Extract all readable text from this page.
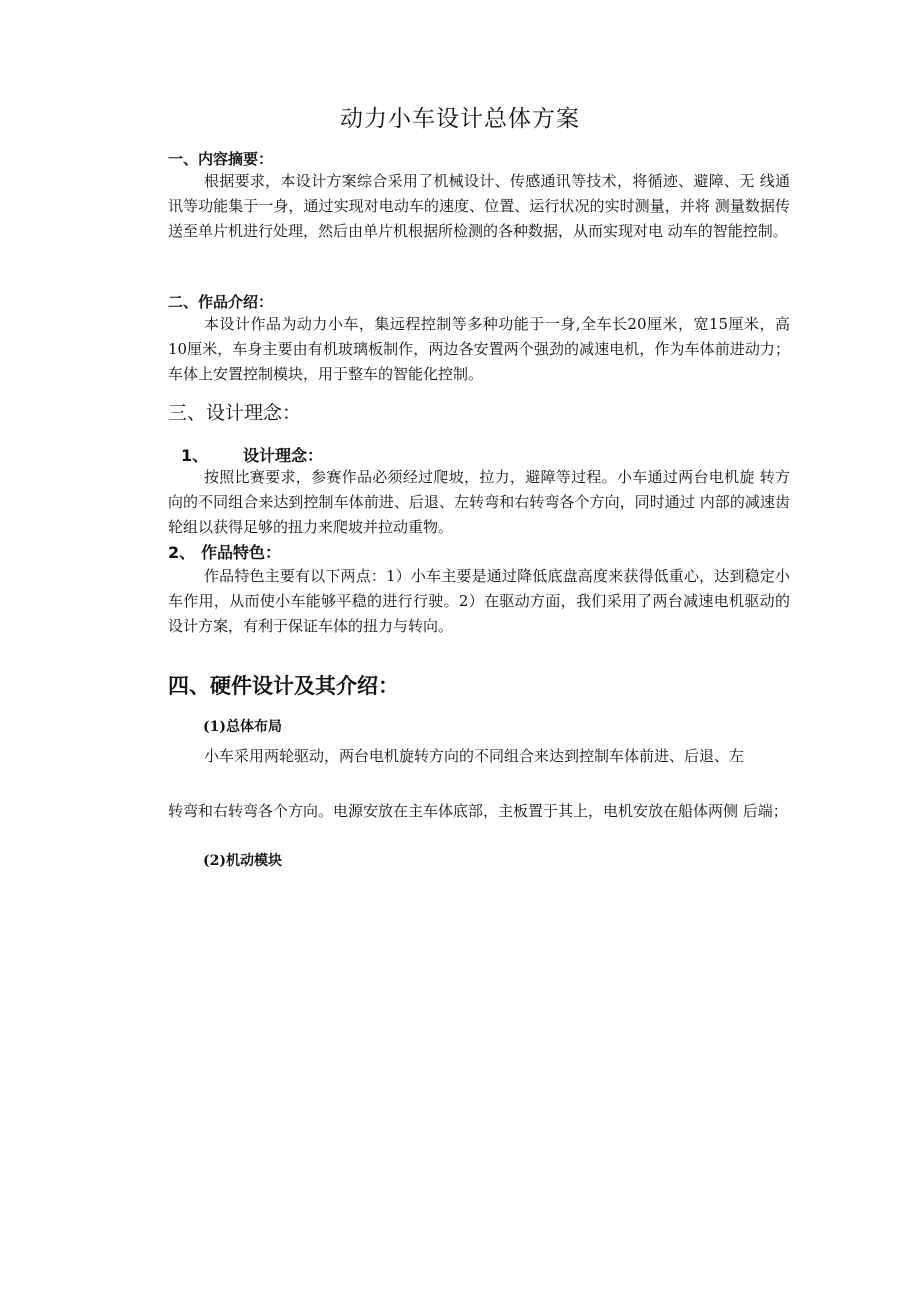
动力小车设计总体方案
一、内容摘要：
根据要求，本设计方案综合采用了机械设计、传感通讯等技术，将循迹、避障、无 线通讯等功能集于一身，通过实现对电动车的速度、位置、运行状况的实时测量，并将 测量数据传送至单片机进行处理，然后由单片机根据所检测的各种数据，从而实现对电 动车的智能控制。
二、作品介绍：
本设计作品为动力小车，集远程控制等多种功能于一身,全车长20厘米，宽15厘米，高10厘米，车身主要由有机玻璃板制作，两边各安置两个强劲的减速电机，作为车体前进动力；车体上安置控制模块，用于整车的智能化控制。
三、设计理念：
1、 设计理念：
按照比赛要求，参赛作品必须经过爬坡，拉力，避障等过程。小车通过两台电机旋 转方向的不同组合来达到控制车体前进、后退、左转弯和右转弯各个方向，同时通过 内部的减速齿轮组以获得足够的扭力来爬坡并拉动重物。
2、 作品特色：
作品特色主要有以下两点：1）小车主要是通过降低底盘高度来获得低重心，达到稳定小车作用，从而使小车能够平稳的进行行驶。2）在驱动方面，我们采用了两台减速电机驱动的设计方案，有利于保证车体的扭力与转向。
四、硬件设计及其介绍：
(1)总体布局
小车采用两轮驱动，两台电机旋转方向的不同组合来达到控制车体前进、后退、左
转弯和右转弯各个方向。电源安放在主车体底部，主板置于其上，电机安放在船体两侧 后端；
(2)机动模块
